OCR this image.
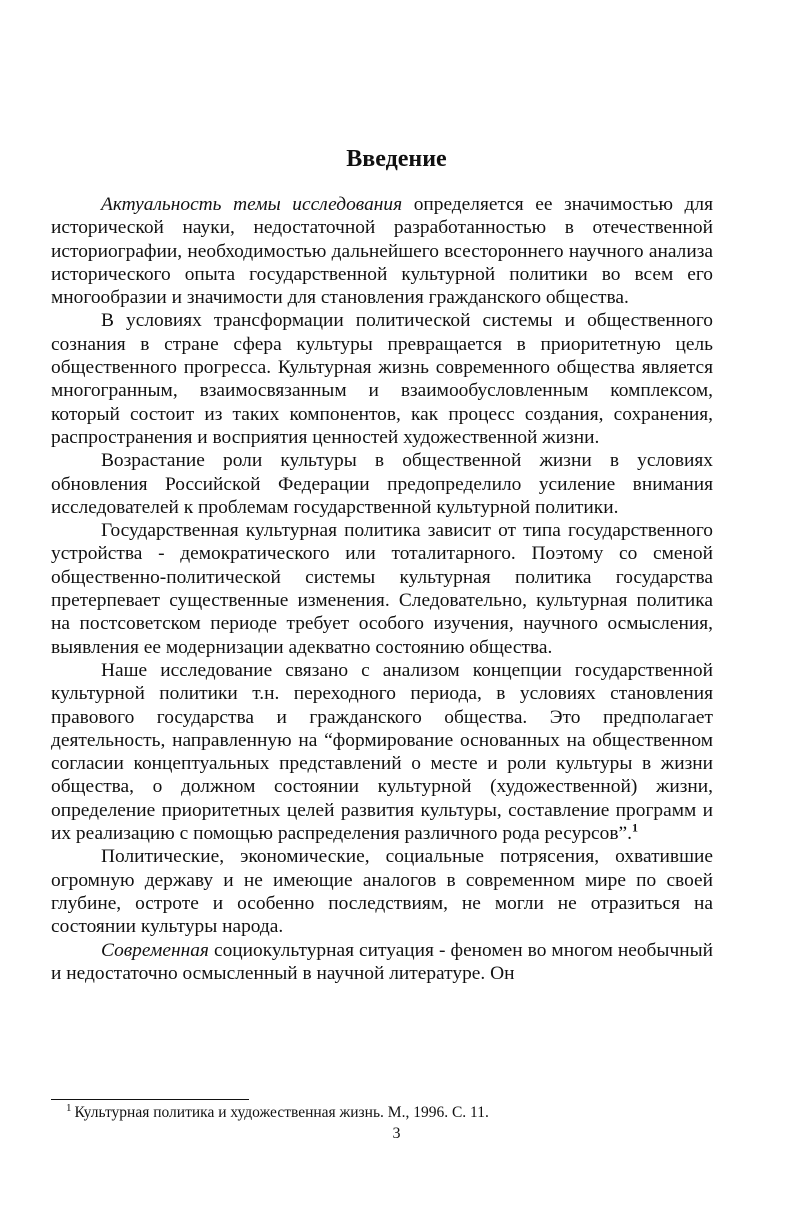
Введениe

Актуальность темы исследования определяется ее значимостью для исторической науки, недостаточной разработанностью в отечественной историографии, необходимостью дальнейшего всестороннего научного анализа исторического опыта государственной культурной политики во всем его многообразии и значимости для становления гражданского общества.

В условиях трансформации политической системы и общественного сознания в стране сфера культуры превращается в приоритетную цель общественного прогресса. Культурная жизнь современного общества является многогранным, взаимосвязанным и взаимообусловленным комплексом, который состоит из таких компонентов, как процесс создания, сохранения, распространения и восприятия ценностей художественной жизни.

Возрастание роли культуры в общественной жизни в условиях обновления Российской Федерации предопределило усиление внимания исследователей к проблемам государственной культурной политики.

Государственная культурная политика зависит от типа государственного устройства - демократического или тоталитарного. Поэтому со сменой общественно-политической системы культурная политика государства претерпевает существенные изменения. Следовательно, культурная политика на постсоветском периоде требует особого изучения, научного осмысления, выявления ее модернизации адекватно состоянию общества.

Наше исследование связано с анализом концепции государственной культурной политики т.н. переходного периода, в условиях становления правового государства и гражданского общества. Это предполагает деятельность, направленную на “формирование основанных на общественном согласии концептуальных представлений о месте и роли культуры в жизни общества, о должном состоянии культурной (художественной) жизни, определение приоритетных целей развития культуры, составление программ и их реализацию с помощью распределения различного рода ресурсов”.$^1$

Политические, экономические, социальные потрясения, охватившие огромную державу и не имеющие аналогов в современном мире по своей глубине, остроте и особенно последствиям, не могли не отразиться на состоянии культуры народа.

Современная социокультурная ситуация - феномен во многом необычный и недостаточно осмысленный в научной литературе. Он

$^1$ Культурная политика и художественная жизнь. М., 1996. С. 11.
3
